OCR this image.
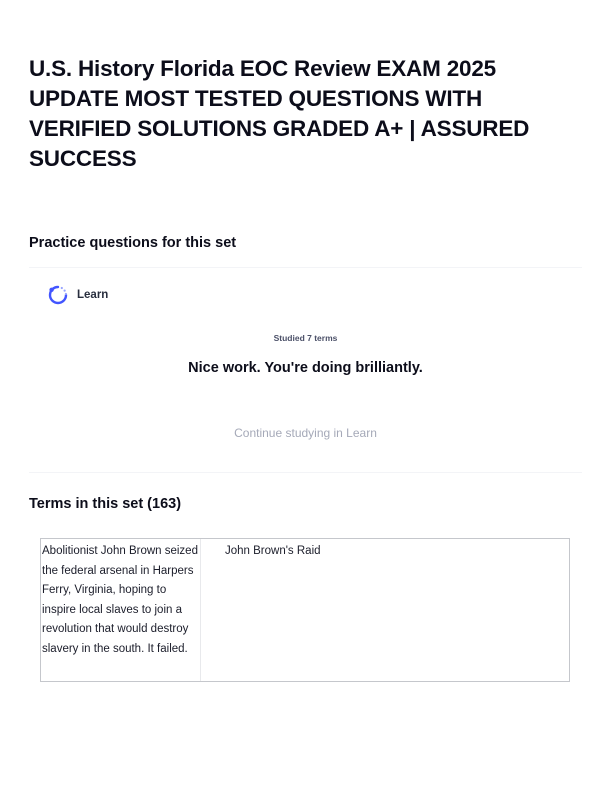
U.S. History Florida EOC Review EXAM 2025 UPDATE MOST TESTED QUESTIONS WITH VERIFIED SOLUTIONS GRADED A+ | ASSURED SUCCESS
Practice questions for this set
Learn
Studied 7 terms
Nice work. You're doing brilliantly.
Continue studying in Learn
Terms in this set (163)
Abolitionist John Brown seized the federal arsenal in Harpers Ferry, Virginia, hoping to inspire local slaves to join a revolution that would destroy slavery in the south. It failed.
John Brown's Raid
